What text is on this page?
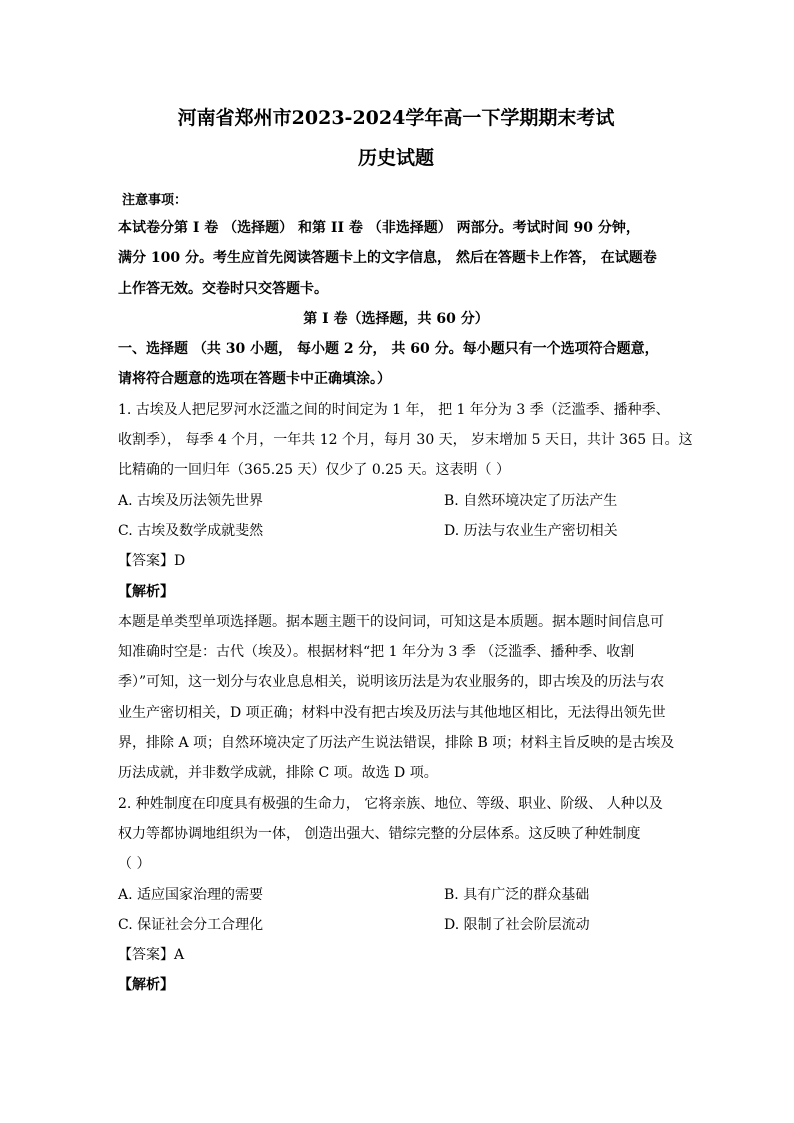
河南省郑州市2023-2024学年高一下学期期末考试
历史试题

注意事项：

本试卷分第 I 卷 （选择题） 和第 II 卷 （非选择题） 两部分。考试时间 90 分钟，

满分 100 分。考生应首先阅读答题卡上的文字信息， 然后在答题卡上作答， 在试题卷

上作答无效。交卷时只交答题卡。

第 I 卷（选择题，共 60 分）

一、选择题 （共 30 小题， 每小题 2 分， 共 60 分。每小题只有一个选项符合题意，

请将符合题意的选项在答题卡中正确填涂。）

1. 古埃及人把尼罗河水泛滥之间的时间定为 1 年， 把 1 年分为 3 季（泛滥季、播种季、

收割季）， 每季 4 个月，一年共 12 个月，每月 30 天， 岁末增加 5 天日，共计 365 日。这

比精确的一回归年（365.25 天）仅少了 0.25 天。这表明（ ）

A. 古埃及历法领先世界	B. 自然环境决定了历法产生
C. 古埃及数学成就斐然	D. 历法与农业生产密切相关

【答案】D

【解析】

本题是单类型单项选择题。据本题主题干的设问词，可知这是本质题。据本题时间信息可

知准确时空是：古代（埃及）。根据材料“把 1 年分为 3 季 （泛滥季、播种季、收割

季）”可知，这一划分与农业息息相关，说明该历法是为农业服务的，即古埃及的历法与农

业生产密切相关，D 项正确；材料中没有把古埃及历法与其他地区相比，无法得出领先世

界，排除 A 项；自然环境决定了历法产生说法错误，排除 B 项；材料主旨反映的是古埃及

历法成就，并非数学成就，排除 C 项。故选 D 项。

2. 种姓制度在印度具有极强的生命力， 它将亲族、地位、等级、职业、阶级、 人种以及

权力等都协调地组织为一体， 创造出强大、错综完整的分层体系。这反映了种姓制度

（ ）

A. 适应国家治理的需要	B. 具有广泛的群众基础
C. 保证社会分工合理化	D. 限制了社会阶层流动

【答案】A

【解析】
